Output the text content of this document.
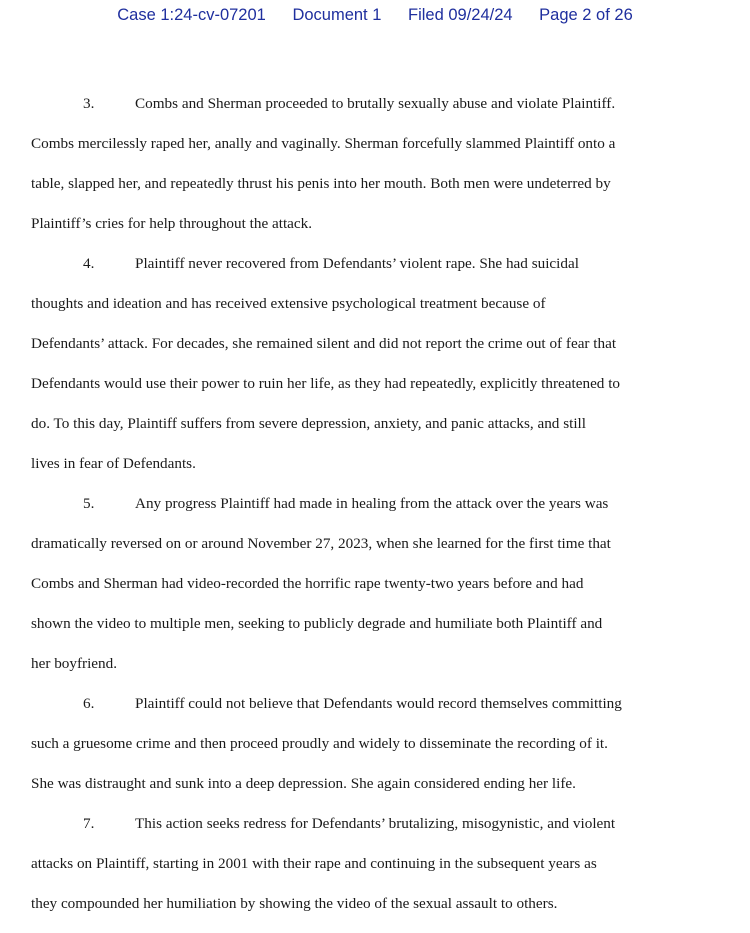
Case 1:24-cv-07201 Document 1 Filed 09/24/24 Page 2 of 26
3.	Combs and Sherman proceeded to brutally sexually abuse and violate Plaintiff.
Combs mercilessly raped her, anally and vaginally. Sherman forcefully slammed Plaintiff onto a
table, slapped her, and repeatedly thrust his penis into her mouth. Both men were undeterred by
Plaintiff’s cries for help throughout the attack.
4.	Plaintiff never recovered from Defendants’ violent rape. She had suicidal
thoughts and ideation and has received extensive psychological treatment because of
Defendants’ attack. For decades, she remained silent and did not report the crime out of fear that
Defendants would use their power to ruin her life, as they had repeatedly, explicitly threatened to
do. To this day, Plaintiff suffers from severe depression, anxiety, and panic attacks, and still
lives in fear of Defendants.
5.	Any progress Plaintiff had made in healing from the attack over the years was
dramatically reversed on or around November 27, 2023, when she learned for the first time that
Combs and Sherman had video-recorded the horrific rape twenty-two years before and had
shown the video to multiple men, seeking to publicly degrade and humiliate both Plaintiff and
her boyfriend.
6.	Plaintiff could not believe that Defendants would record themselves committing
such a gruesome crime and then proceed proudly and widely to disseminate the recording of it.
She was distraught and sunk into a deep depression. She again considered ending her life.
7.	This action seeks redress for Defendants’ brutalizing, misogynistic, and violent
attacks on Plaintiff, starting in 2001 with their rape and continuing in the subsequent years as
they compounded her humiliation by showing the video of the sexual assault to others.
